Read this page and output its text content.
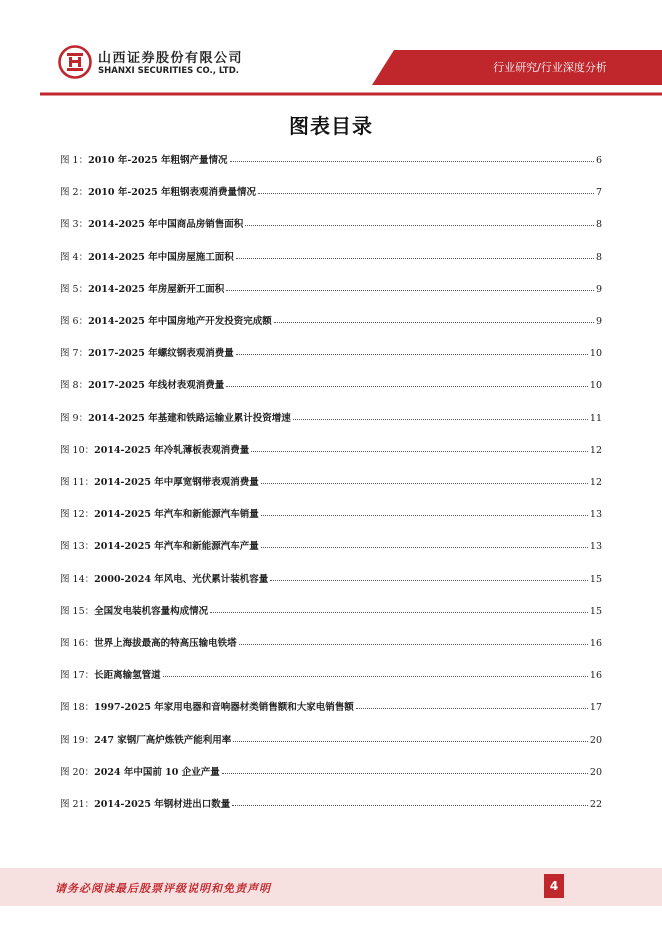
山西证券股份有限公司
SHANXI SECURITIES CO., LTD.	行业研究/行业深度分析
图表目录
图 1： 2010 年-2025 年粗钢产量情况	6
图 2： 2010 年-2025 年粗钢表观消费量情况	7
图 3： 2014-2025 年中国商品房销售面积	8
图 4： 2014-2025 年中国房屋施工面积	8
图 5： 2014-2025 年房屋新开工面积	9
图 6： 2014-2025 年中国房地产开发投资完成额	9
图 7： 2017-2025 年螺纹钢表观消费量	10
图 8： 2017-2025 年线材表观消费量	10
图 9： 2014-2025 年基建和铁路运输业累计投资增速	11
图 10： 2014-2025 年冷轧薄板表观消费量	12
图 11： 2014-2025 年中厚宽钢带表观消费量	12
图 12： 2014-2025 年汽车和新能源汽车销量	13
图 13： 2014-2025 年汽车和新能源汽车产量	13
图 14： 2000-2024 年风电、光伏累计装机容量	15
图 15： 全国发电装机容量构成情况	15
图 16： 世界上海拔最高的特高压输电铁塔	16
图 17： 长距离输氢管道	16
图 18： 1997-2025 年家用电器和音响器材类销售额和大家电销售额	17
图 19： 247 家钢厂高炉炼铁产能利用率	20
图 20： 2024 年中国前 10 企业产量	20
图 21： 2014-2025 年钢材进出口数量	22
请务必阅读最后股票评级说明和免责声明	4
